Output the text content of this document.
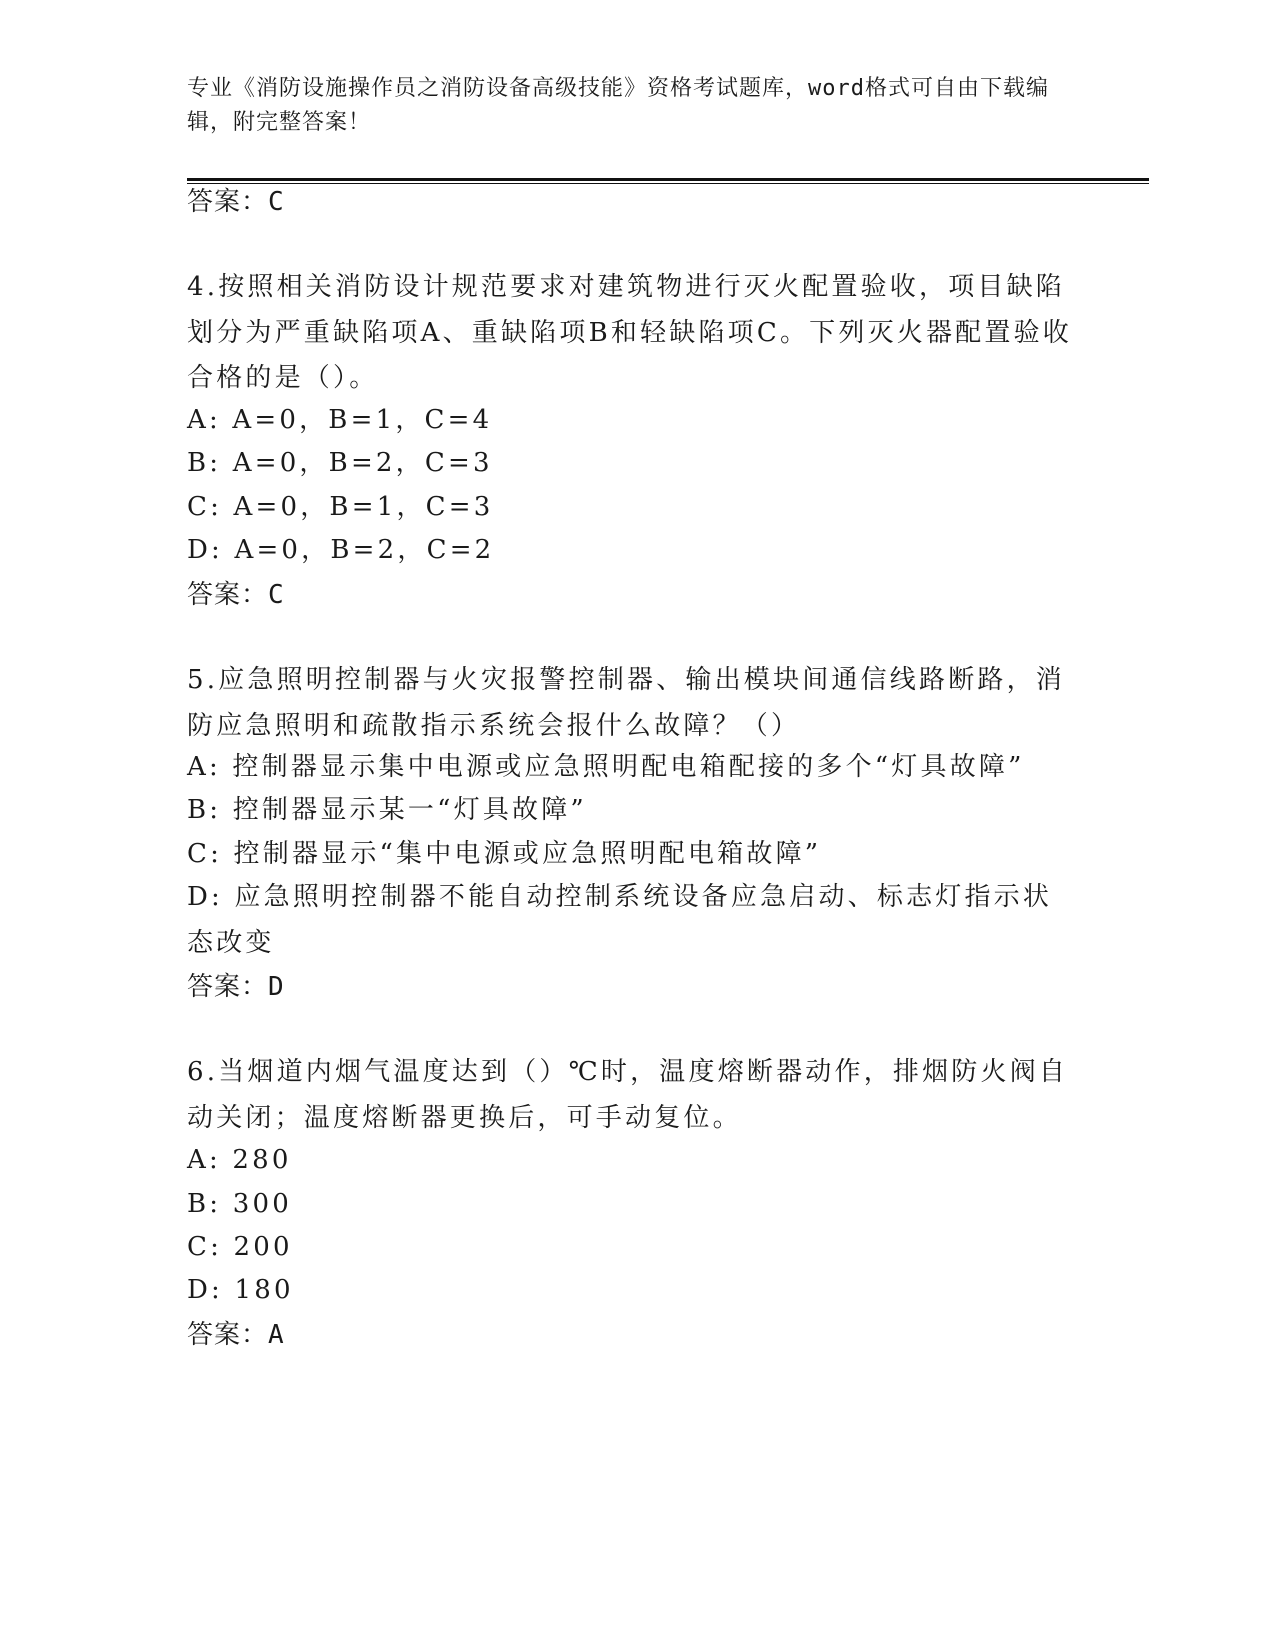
专业《消防设施操作员之消防设备高级技能》资格考试题库，word格式可自由下载编辑，附完整答案！
答案：C
4.按照相关消防设计规范要求对建筑物进行灭火配置验收，项目缺陷划分为严重缺陷项A、重缺陷项B和轻缺陷项C。下列灭火器配置验收合格的是（）。
A: A=0，B=1，C=4
B: A=0，B=2，C=3
C: A=0，B=1，C=3
D: A=0，B=2，C=2
答案：C
5.应急照明控制器与火灾报警控制器、输出模块间通信线路断路，消防应急照明和疏散指示系统会报什么故障？（）
A: 控制器显示集中电源或应急照明配电箱配接的多个“灯具故障”
B: 控制器显示某一“灯具故障”
C: 控制器显示“集中电源或应急照明配电箱故障”
D: 应急照明控制器不能自动控制系统设备应急启动、标志灯指示状态改变
答案：D
6.当烟道内烟气温度达到（）℃时，温度熔断器动作，排烟防火阀自动关闭；温度熔断器更换后，可手动复位。
A: 280
B: 300
C: 200
D: 180
答案：A
